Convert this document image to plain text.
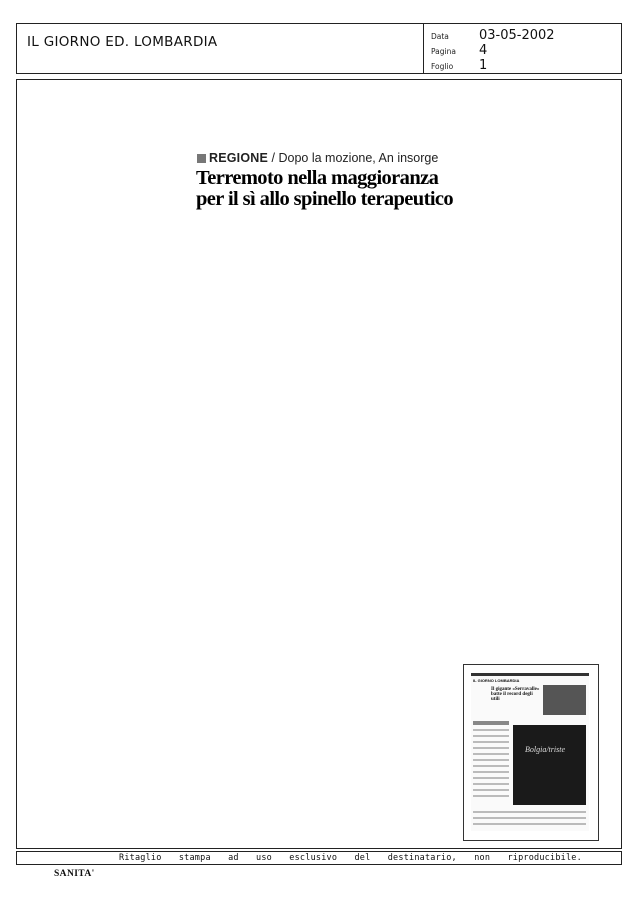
IL GIORNO ED. LOMBARDIA	Data 03-05-2002
Pagina 4
Foglio 1
REGIONE / Dopo la mozione, An insorge
Terremoto nella maggioranza per il sì allo spinello terapeutico

IL GIORNO LOMBARDIA
Il gigante «Serravalle» batte il record degli utili
Bolgia/triste
Ritaglio stampa ad uso esclusivo del destinatario, non riproducibile.
SANITA'
